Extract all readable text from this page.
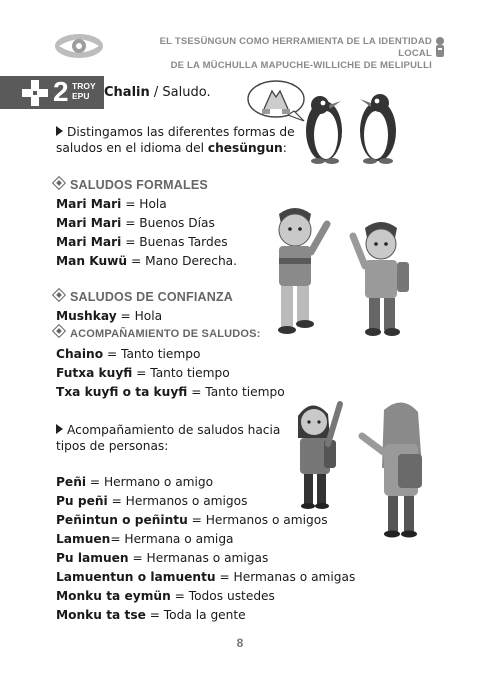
EL TSESÜNGUN COMO HERRAMIENTA DE LA IDENTIDAD LOCAL
DE LA MÜCHULLA MAPUCHE-WILLICHE DE MELIPULLI
2 TROY
EPU	Chalin / Saludo.
Distingamos las diferentes formas de
saludos en el idioma del chesüngun:
SALUDOS FORMALES
Mari Mari = Hola
Mari Mari = Buenos Días
Mari Mari = Buenas Tardes
Man Kuwü = Mano Derecha.
SALUDOS DE CONFIANZA
Mushkay = Hola
ACOMPAÑAMIENTO DE SALUDOS:
Chaino = Tanto tiempo
Futxa kuyfi = Tanto tiempo
Txa kuyfi o ta kuyfi = Tanto tiempo
Acompañamiento de saludos hacia
tipos de personas:
Peñi = Hermano o amigo
Pu peñi = Hermanos o amigos
Peñintun o peñintu = Hermanos o amigos
Lamuen= Hermana o amiga
Pu lamuen = Hermanas o amigas
Lamuentun o lamuentu = Hermanas o amigas
Monku ta eymün = Todos ustedes
Monku ta tse = Toda la gente
8
